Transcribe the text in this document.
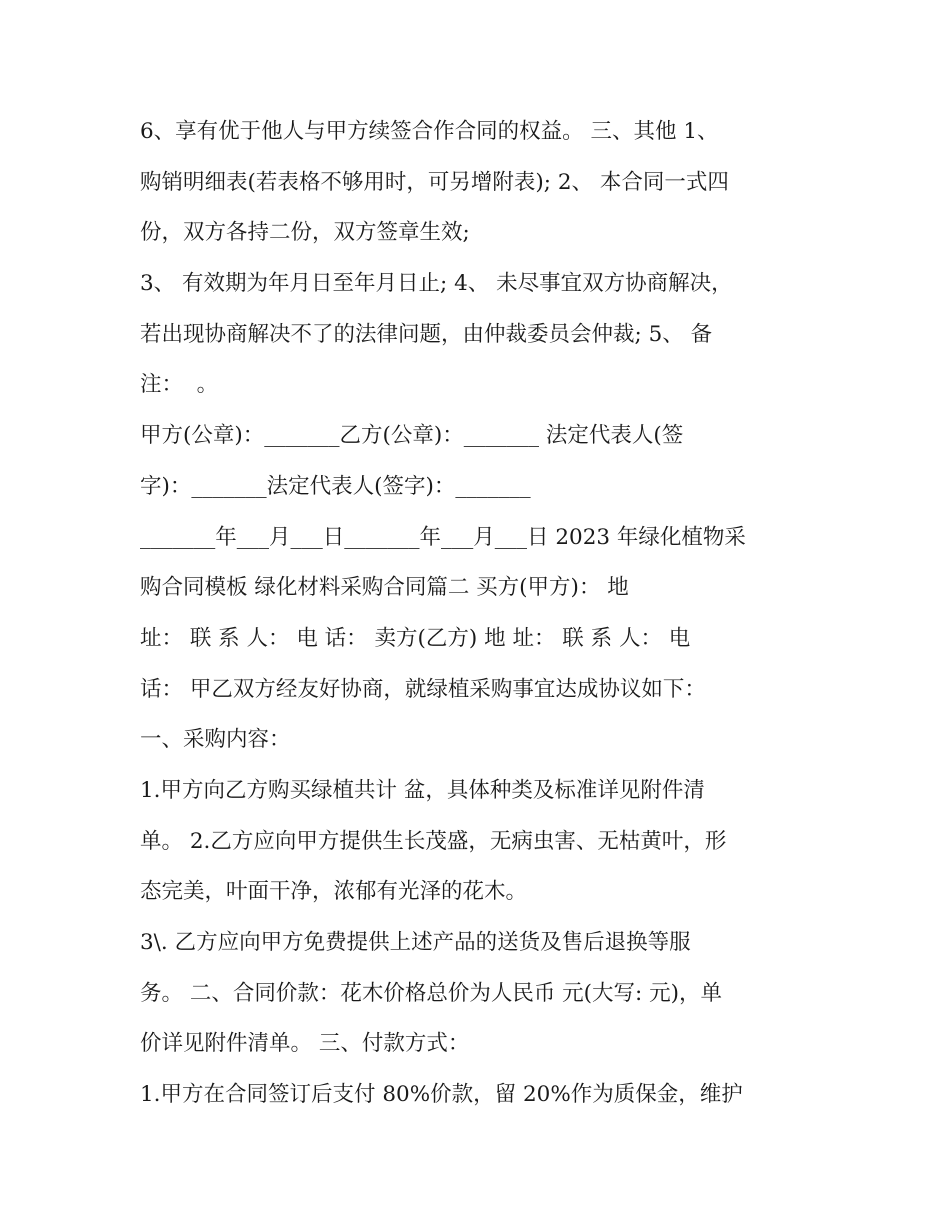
6、享有优于他人与甲方续签合作合同的权益。 三、其他 1、
购销明细表(若表格不够用时，可另增附表); 2、 本合同一式四
份，双方各持二份，双方签章生效;
3、 有效期为年月日至年月日止; 4、 未尽事宜双方协商解决，
若出现协商解决不了的法律问题，由仲裁委员会仲裁; 5、 备
注：  。
甲方(公章)：_______乙方(公章)：_______ 法定代表人(签
字)：_______法定代表人(签字)：_______
_______年___月___日_______年___月___日 2023 年绿化植物采
购合同模板 绿化材料采购合同篇二 买方(甲方)： 地
址： 联 系 人： 电 话： 卖方(乙方) 地 址： 联 系 人： 电
话： 甲乙双方经友好协商，就绿植采购事宜达成协议如下：
一、采购内容：
1.甲方向乙方购买绿植共计 盆，具体种类及标准详见附件清
单。 2.乙方应向甲方提供生长茂盛，无病虫害、无枯黄叶，形
态完美，叶面干净，浓郁有光泽的花木。
3\. 乙方应向甲方免费提供上述产品的送货及售后退换等服
务。 二、合同价款：花木价格总价为人民币 元(大写: 元)，单
价详见附件清单。 三、付款方式：
1.甲方在合同签订后支付 80%价款，留 20%作为质保金，维护
